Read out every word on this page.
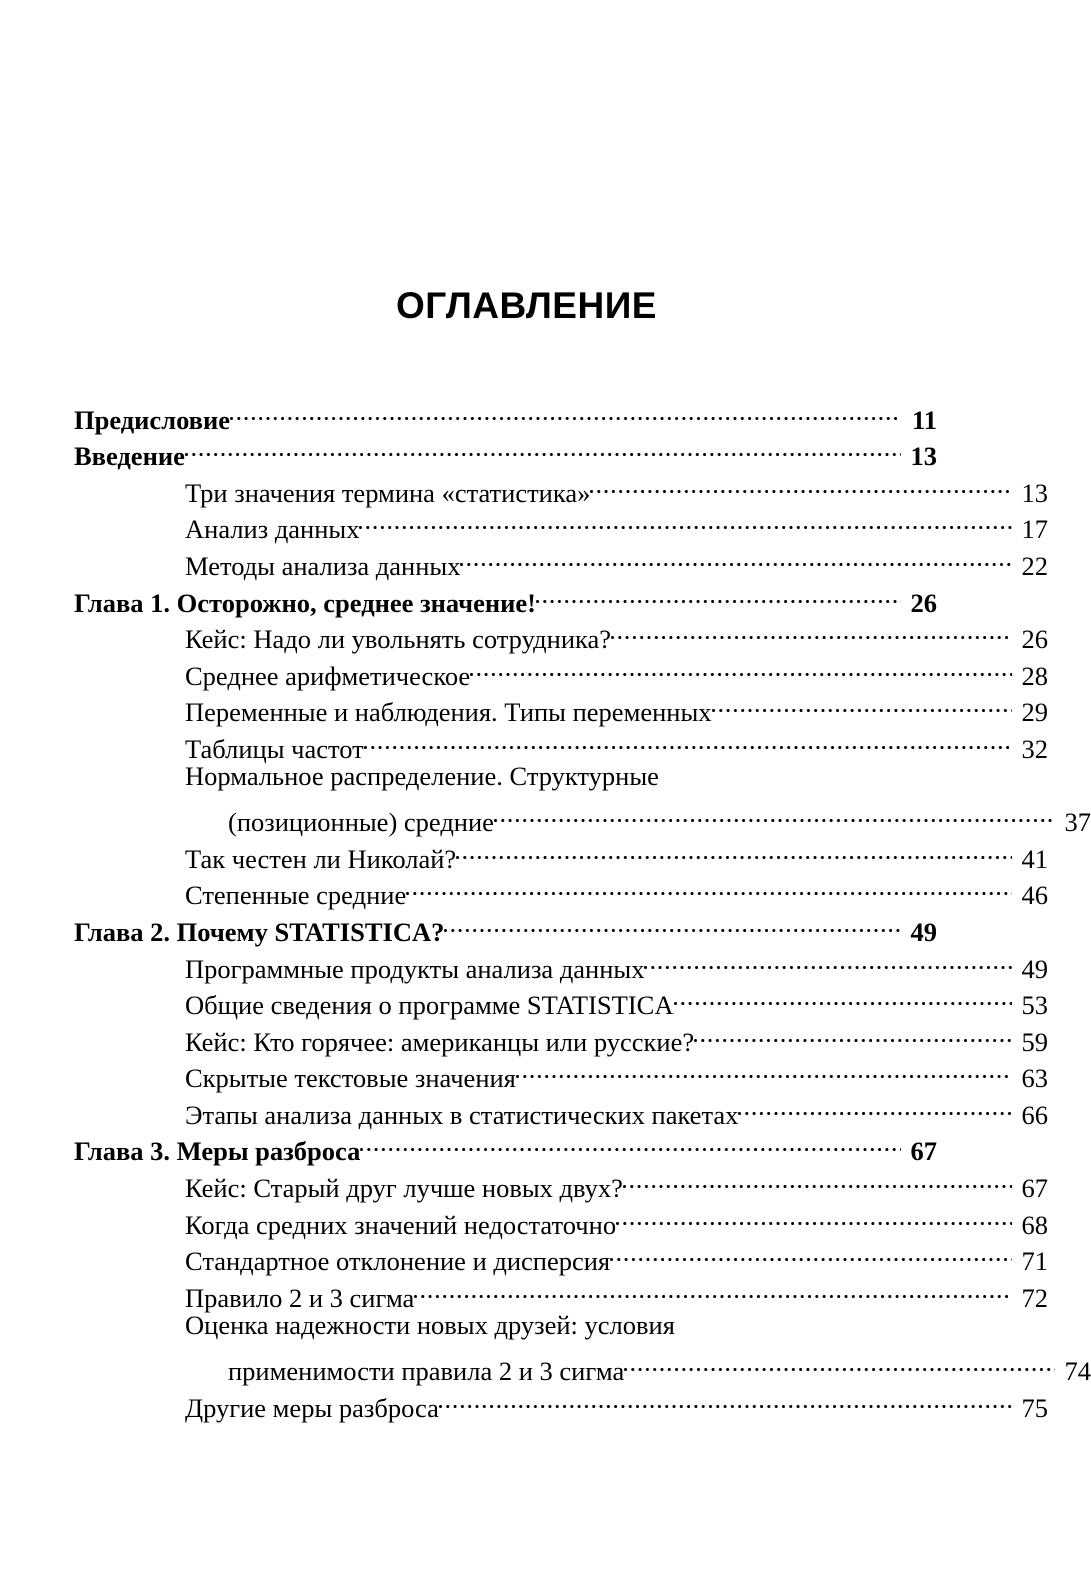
ОГЛАВЛЕНИЕ
Предисловие	11
Введение	13
Три значения термина «статистика»	13
Анализ данных	17
Методы анализа данных	22
Глава 1. Осторожно, среднее значение!	26
Кейс: Надо ли увольнять сотрудника?	26
Среднее арифметическое	28
Переменные и наблюдения. Типы переменных	29
Таблицы частот	32
Нормальное распределение. Структурные
(позиционные) средние	37
Так честен ли Николай?	41
Степенные средние	46
Глава 2. Почему STATISTICA?	49
Программные продукты анализа данных	49
Общие сведения о программе STATISTICA	53
Кейс: Кто горячее: американцы или русские?	59
Скрытые текстовые значения	63
Этапы анализа данных в статистических пакетах	66
Глава 3. Меры разброса	67
Кейс: Старый друг лучше новых двух?	67
Когда средних значений недостаточно	68
Стандартное отклонение и дисперсия	71
Правило 2 и 3 сигма	72
Оценка надежности новых друзей: условия
применимости правила 2 и 3 сигма	74
Другие меры разброса	75
